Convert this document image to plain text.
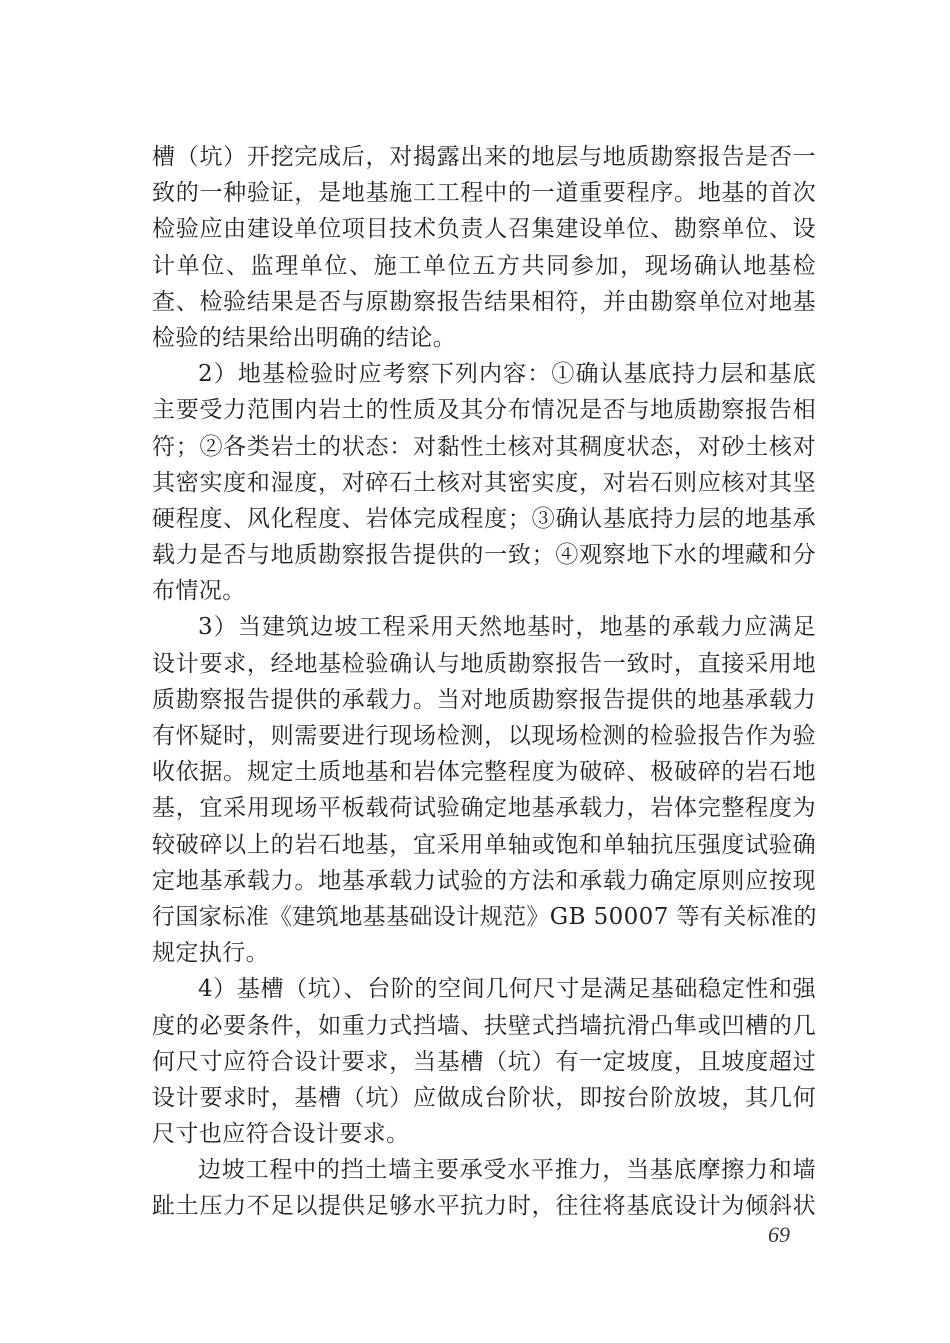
槽（坑）开挖完成后，对揭露出来的地层与地质勘察报告是否一
致的一种验证，是地基施工工程中的一道重要程序。地基的首次
检验应由建设单位项目技术负责人召集建设单位、勘察单位、设
计单位、监理单位、施工单位五方共同参加，现场确认地基检
查、检验结果是否与原勘察报告结果相符，并由勘察单位对地基
检验的结果给出明确的结论。
2）地基检验时应考察下列内容：①确认基底持力层和基底
主要受力范围内岩土的性质及其分布情况是否与地质勘察报告相
符；②各类岩土的状态：对黏性土核对其稠度状态，对砂土核对
其密实度和湿度，对碎石土核对其密实度，对岩石则应核对其坚
硬程度、风化程度、岩体完成程度；③确认基底持力层的地基承
载力是否与地质勘察报告提供的一致；④观察地下水的埋藏和分
布情况。
3）当建筑边坡工程采用天然地基时，地基的承载力应满足
设计要求，经地基检验确认与地质勘察报告一致时，直接采用地
质勘察报告提供的承载力。当对地质勘察报告提供的地基承载力
有怀疑时，则需要进行现场检测，以现场检测的检验报告作为验
收依据。规定土质地基和岩体完整程度为破碎、极破碎的岩石地
基，宜采用现场平板载荷试验确定地基承载力，岩体完整程度为
较破碎以上的岩石地基，宜采用单轴或饱和单轴抗压强度试验确
定地基承载力。地基承载力试验的方法和承载力确定原则应按现
行国家标准《建筑地基基础设计规范》GB 50007 等有关标准的
规定执行。
4）基槽（坑）、台阶的空间几何尺寸是满足基础稳定性和强
度的必要条件，如重力式挡墙、扶壁式挡墙抗滑凸隼或凹槽的几
何尺寸应符合设计要求，当基槽（坑）有一定坡度，且坡度超过
设计要求时，基槽（坑）应做成台阶状，即按台阶放坡，其几何
尺寸也应符合设计要求。
边坡工程中的挡土墙主要承受水平推力，当基底摩擦力和墙
趾土压力不足以提供足够水平抗力时，往往将基底设计为倾斜状
69
